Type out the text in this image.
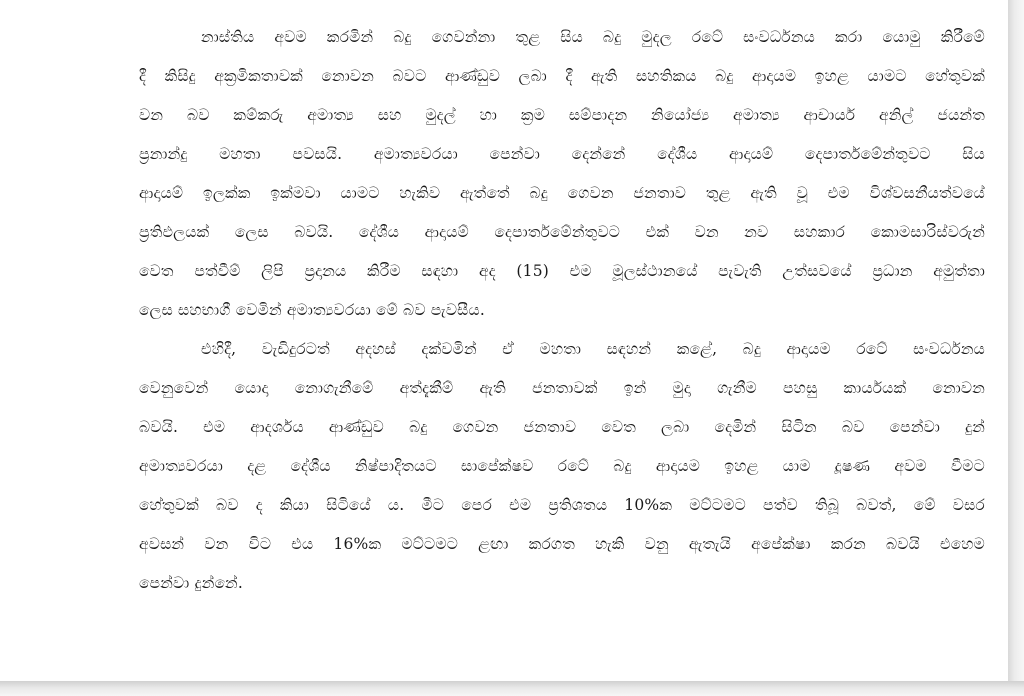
නාස්තිය අවම කරමින් බදු ගෙවන්නා තුළ සිය බදු මුදල රටේ සංවර්ධනය කරා යොමු කිරීමේ
දී කිසිදු අක්‍රමිකතාවක් නොවන බවට ආණ්ඩුව ලබා දී ඇති සහතිකය බදු ආදායම ඉහළ යාමට හේතුවක්
වන බව කම්කරු අමාත්‍ය සහ මුදල් හා ක්‍රම සම්පාදන නියෝජ්‍ය අමාත්‍ය ආචාර්ය අනිල් ජයන්ත
ප්‍රනාන්දු මහතා පවසයි. අමාත්‍යවරයා පෙන්වා දෙන්නේ දේශීය ආදායම් දෙපාර්තමේන්තුවට සිය
ආදායම් ඉලක්ක ඉක්මවා යාමට හැකිව ඇත්තේ බදු ගෙවන ජනතාව තුළ ඇති වූ එම විශ්වසනීයත්වයේ
ප්‍රතිඵලයක් ලෙස බවයි. දේශීය ආදායම් දෙපාර්තමේන්තුවට එක් වන නව සහකාර කොමසාරිස්වරුන්
වෙත පත්වීම් ලිපි ප්‍රදානය කිරීම සඳහා අද (15) එම මූලස්ථානයේ පැවැති උත්සවයේ ප්‍රධාන අමුත්තා
ලෙස සහභාගී වෙමින් අමාත්‍යවරයා මේ බව පැවසීය.
එහිදී, වැඩිදුරටත් අදහස් දක්වමින් ඒ මහතා සඳහන් කළේ, බදු ආදායම රටේ සංවර්ධනය
වෙනුවෙන් යොදා නොගැනීමේ අත්දැකීම් ඇති ජනතාවක් ඉන් මුදා ගැනීම පහසු කාර්යයක් නොවන
බවයි. එම ආදර්ශය ආණ්ඩුව බදු ගෙවන ජනතාව වෙත ලබා දෙමින් සිටින බව පෙන්වා දුන්
අමාත්‍යවරයා දළ දේශීය නිෂ්පාදිතයට සාපේක්ෂව රටේ බදු ආදායම ඉහළ යාම දූෂණ අවම වීමට
හේතුවක් බව ද කියා සිටියේ ය. මීට පෙර එම ප්‍රතිශතය 10%ක මට්ටමට පත්ව තිබූ බවත්, මේ වසර
අවසන් වන විට එය 16%ක මට්ටමට ළඟා කරගත හැකි වනු ඇතැයි අපේක්ෂා කරන බවයි එහෙම
පෙන්වා දුන්නේ.
